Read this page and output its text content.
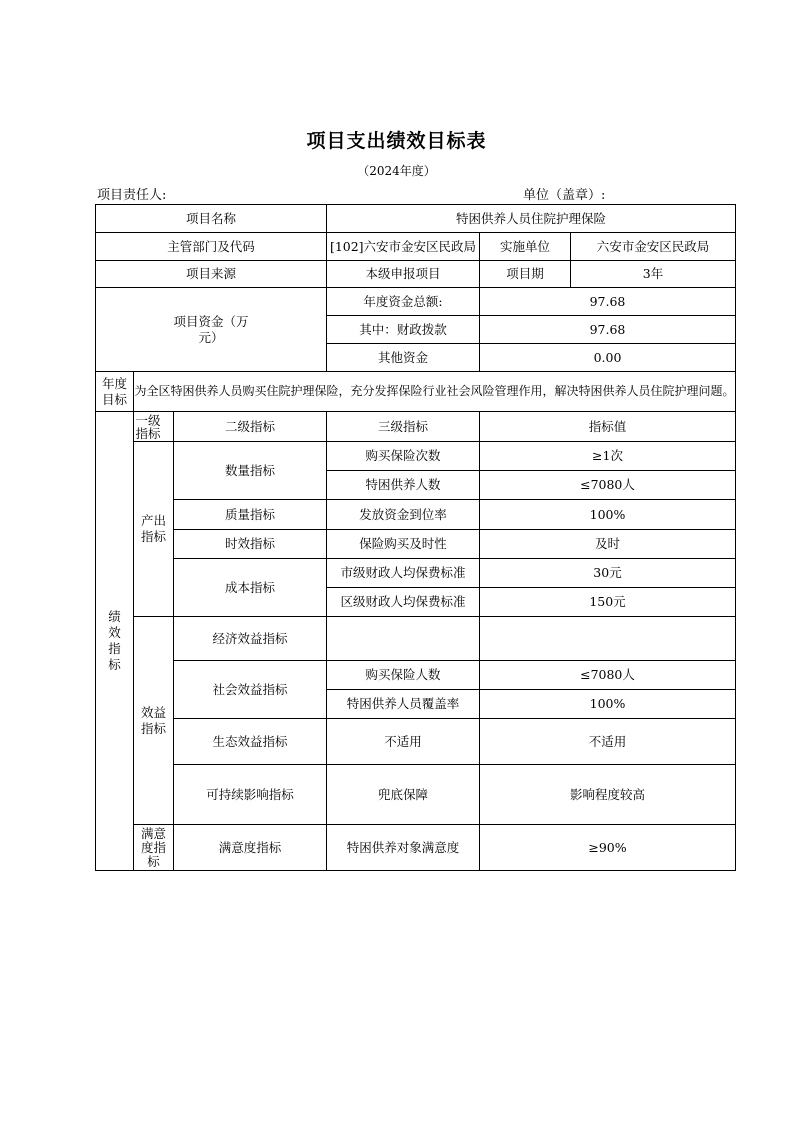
项目支出绩效目标表
（2024年度）
项目责任人:	单位（盖章）:
项目名称			特困供养人员住院护理保险		
主管部门及代码			[102]六安市金安区民政局	实施单位	六安市金安区民政局
项目来源			本级申报项目	项目期	3年
项目资金（万元）			年度资金总额:	97.68	
			其中：财政拨款	97.68	
			其他资金	0.00	
年度目标	为全区特困供养人员购买住院护理保险，充分发挥保险行业社会风险管理作用，解决特困供养人员住院护理问题。				
绩效指标	一级指标	二级指标	三级指标	指标值	
	产出指标	数量指标	购买保险次数	≥1次	
			特困供养人数	≤7080人	
		质量指标	发放资金到位率	100%	
		时效指标	保险购买及时性	及时	
		成本指标	市级财政人均保费标准	30元	
			区级财政人均保费标准	150元	

	效益指标	经济效益指标			
		社会效益指标	购买保险人数	≤7080人	
			特困供养人员覆盖率	100%	
		生态效益指标	不适用	不适用	
		可持续影响指标	兜底保障	影响程度较高	

	满意度指标	满意度指标	特困供养对象满意度	≥90%	
